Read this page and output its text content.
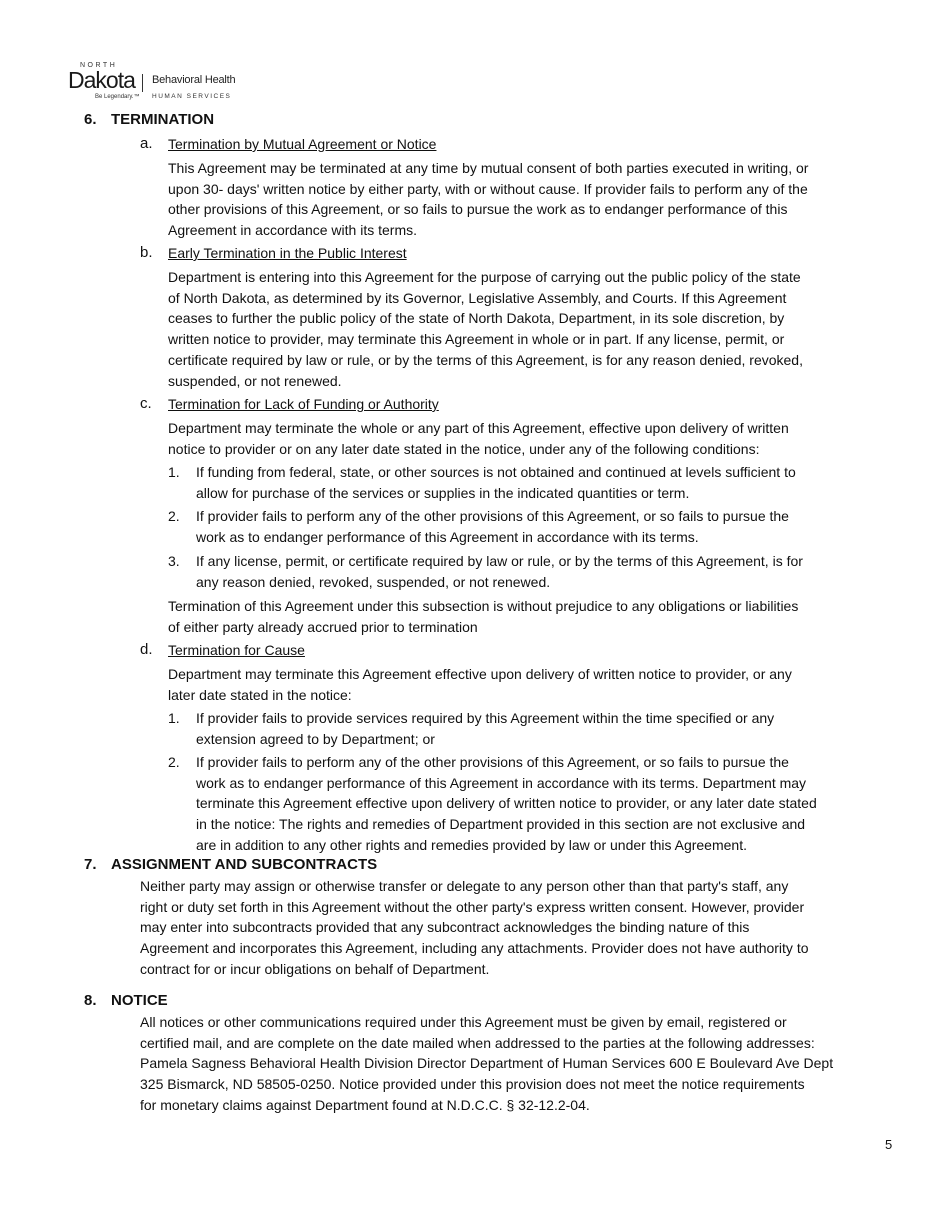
NORTH
Dakota
Be Legendary.™
Behavioral Health
HUMAN SERVICES
6. TERMINATION
a. Termination by Mutual Agreement or Notice
This Agreement may be terminated at any time by mutual consent of both parties executed in writing, or
upon 30- days' written notice by either party, with or without cause. If provider fails to perform any of the
other provisions of this Agreement, or so fails to pursue the work as to endanger performance of this
Agreement in accordance with its terms.
b. Early Termination in the Public Interest
Department is entering into this Agreement for the purpose of carrying out the public policy of the state
of North Dakota, as determined by its Governor, Legislative Assembly, and Courts. If this Agreement
ceases to further the public policy of the state of North Dakota, Department, in its sole discretion, by
written notice to provider, may terminate this Agreement in whole or in part. If any license, permit, or
certificate required by law or rule, or by the terms of this Agreement, is for any reason denied, revoked,
suspended, or not renewed.
c. Termination for Lack of Funding or Authority
Department may terminate the whole or any part of this Agreement, effective upon delivery of written
notice to provider or on any later date stated in the notice, under any of the following conditions:
1. If funding from federal, state, or other sources is not obtained and continued at levels sufficient to
allow for purchase of the services or supplies in the indicated quantities or term.
2. If provider fails to perform any of the other provisions of this Agreement, or so fails to pursue the
work as to endanger performance of this Agreement in accordance with its terms.
3. If any license, permit, or certificate required by law or rule, or by the terms of this Agreement, is for
any reason denied, revoked, suspended, or not renewed.
Termination of this Agreement under this subsection is without prejudice to any obligations or liabilities
of either party already accrued prior to termination
d. Termination for Cause
Department may terminate this Agreement effective upon delivery of written notice to provider, or any
later date stated in the notice:
1. If provider fails to provide services required by this Agreement within the time specified or any
extension agreed to by Department; or
2. If provider fails to perform any of the other provisions of this Agreement, or so fails to pursue the
work as to endanger performance of this Agreement in accordance with its terms. Department may
terminate this Agreement effective upon delivery of written notice to provider, or any later date stated
in the notice: The rights and remedies of Department provided in this section are not exclusive and
are in addition to any other rights and remedies provided by law or under this Agreement.
7. ASSIGNMENT AND SUBCONTRACTS
Neither party may assign or otherwise transfer or delegate to any person other than that party's staff, any
right or duty set forth in this Agreement without the other party's express written consent. However, provider
may enter into subcontracts provided that any subcontract acknowledges the binding nature of this
Agreement and incorporates this Agreement, including any attachments. Provider does not have authority to
contract for or incur obligations on behalf of Department.
8. NOTICE
All notices or other communications required under this Agreement must be given by email, registered or
certified mail, and are complete on the date mailed when addressed to the parties at the following addresses:
Pamela Sagness Behavioral Health Division Director Department of Human Services 600 E Boulevard Ave Dept
325 Bismarck, ND 58505-0250. Notice provided under this provision does not meet the notice requirements
for monetary claims against Department found at N.D.C.C. § 32-12.2-04.
5
